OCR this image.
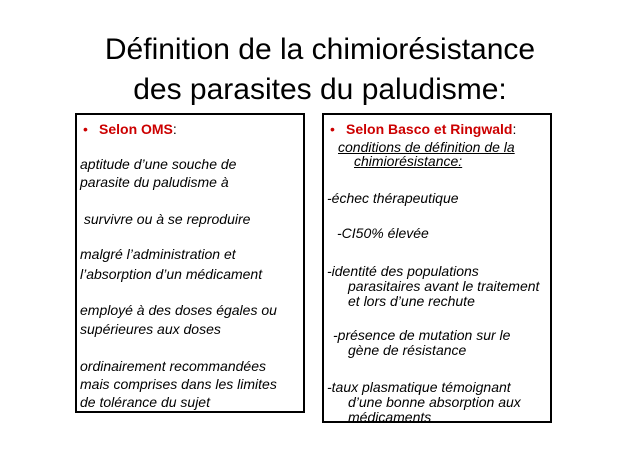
Définition de la chimiorésistance
des parasites du paludisme:
• Selon OMS:
aptitude d’une souche de
parasite du paludisme à
survivre ou à se reproduire
malgré l’administration et
l’absorption d’un médicament
employé à des doses égales ou
supérieures aux doses
ordinairement recommandées
mais comprises dans les limites
de tolérance du sujet
• Selon Basco et Ringwald:
conditions de définition de la
chimiorésistance:
-échec thérapeutique
-CI50% élevée
-identité des populations
parasitaires avant le traitement
et lors d’une rechute
-présence de mutation sur le
gène de résistance
-taux plasmatique témoignant
d’une bonne absorption aux
médicaments
